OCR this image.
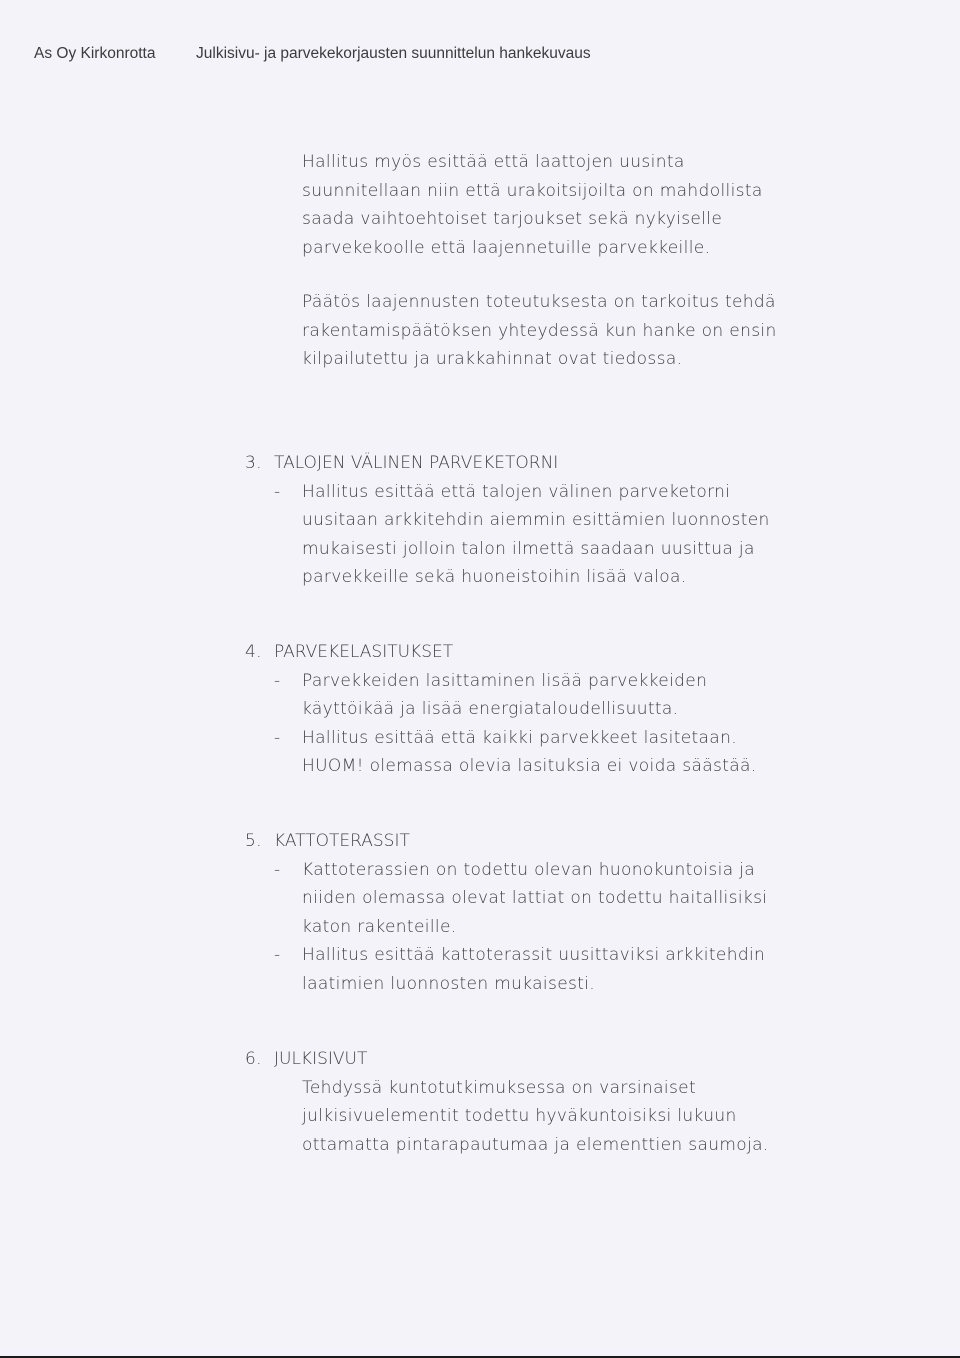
As Oy Kirkonrotta	Julkisivu- ja parvekekorjausten suunnittelun hankekuvaus

Hallitus myös esittää että laattojen uusinta

suunnitellaan niin että urakoitsijoilta on mahdollista

saada vaihtoehtoiset tarjoukset sekä nykyiselle

parvekekoolle että laajennetuille parvekkeille.

Päätös laajennusten toteutuksesta on tarkoitus tehdä

rakentamispäätöksen yhteydessä kun hanke on ensin

kilpailutettu ja urakkahinnat ovat tiedossa.

3. TALOJEN VÄLINEN PARVEKETORNI
-	Hallitus esittää että talojen välinen parveketorni
uusitaan arkkitehdin aiemmin esittämien luonnosten
mukaisesti jolloin talon ilmettä saadaan uusittua ja
parvekkeille sekä huoneistoihin lisää valoa.
4. PARVEKELASITUKSET
-	Parvekkeiden lasittaminen lisää parvekkeiden
käyttöikää ja lisää energiataloudellisuutta.
-	Hallitus esittää että kaikki parvekkeet lasitetaan.
HUOM! olemassa olevia lasituksia ei voida säästää.
5. KATTOTERASSIT
-	Kattoterassien on todettu olevan huonokuntoisia ja
niiden olemassa olevat lattiat on todettu haitallisiksi
katon rakenteille.
-	Hallitus esittää kattoterassit uusittaviksi arkkitehdin
laatimien luonnosten mukaisesti.
6. JULKISIVUT
Tehdyssä kuntotutkimuksessa on varsinaiset
julkisivuelementit todettu hyväkuntoisiksi lukuun
ottamatta pintarapautumaa ja elementtien saumoja.
